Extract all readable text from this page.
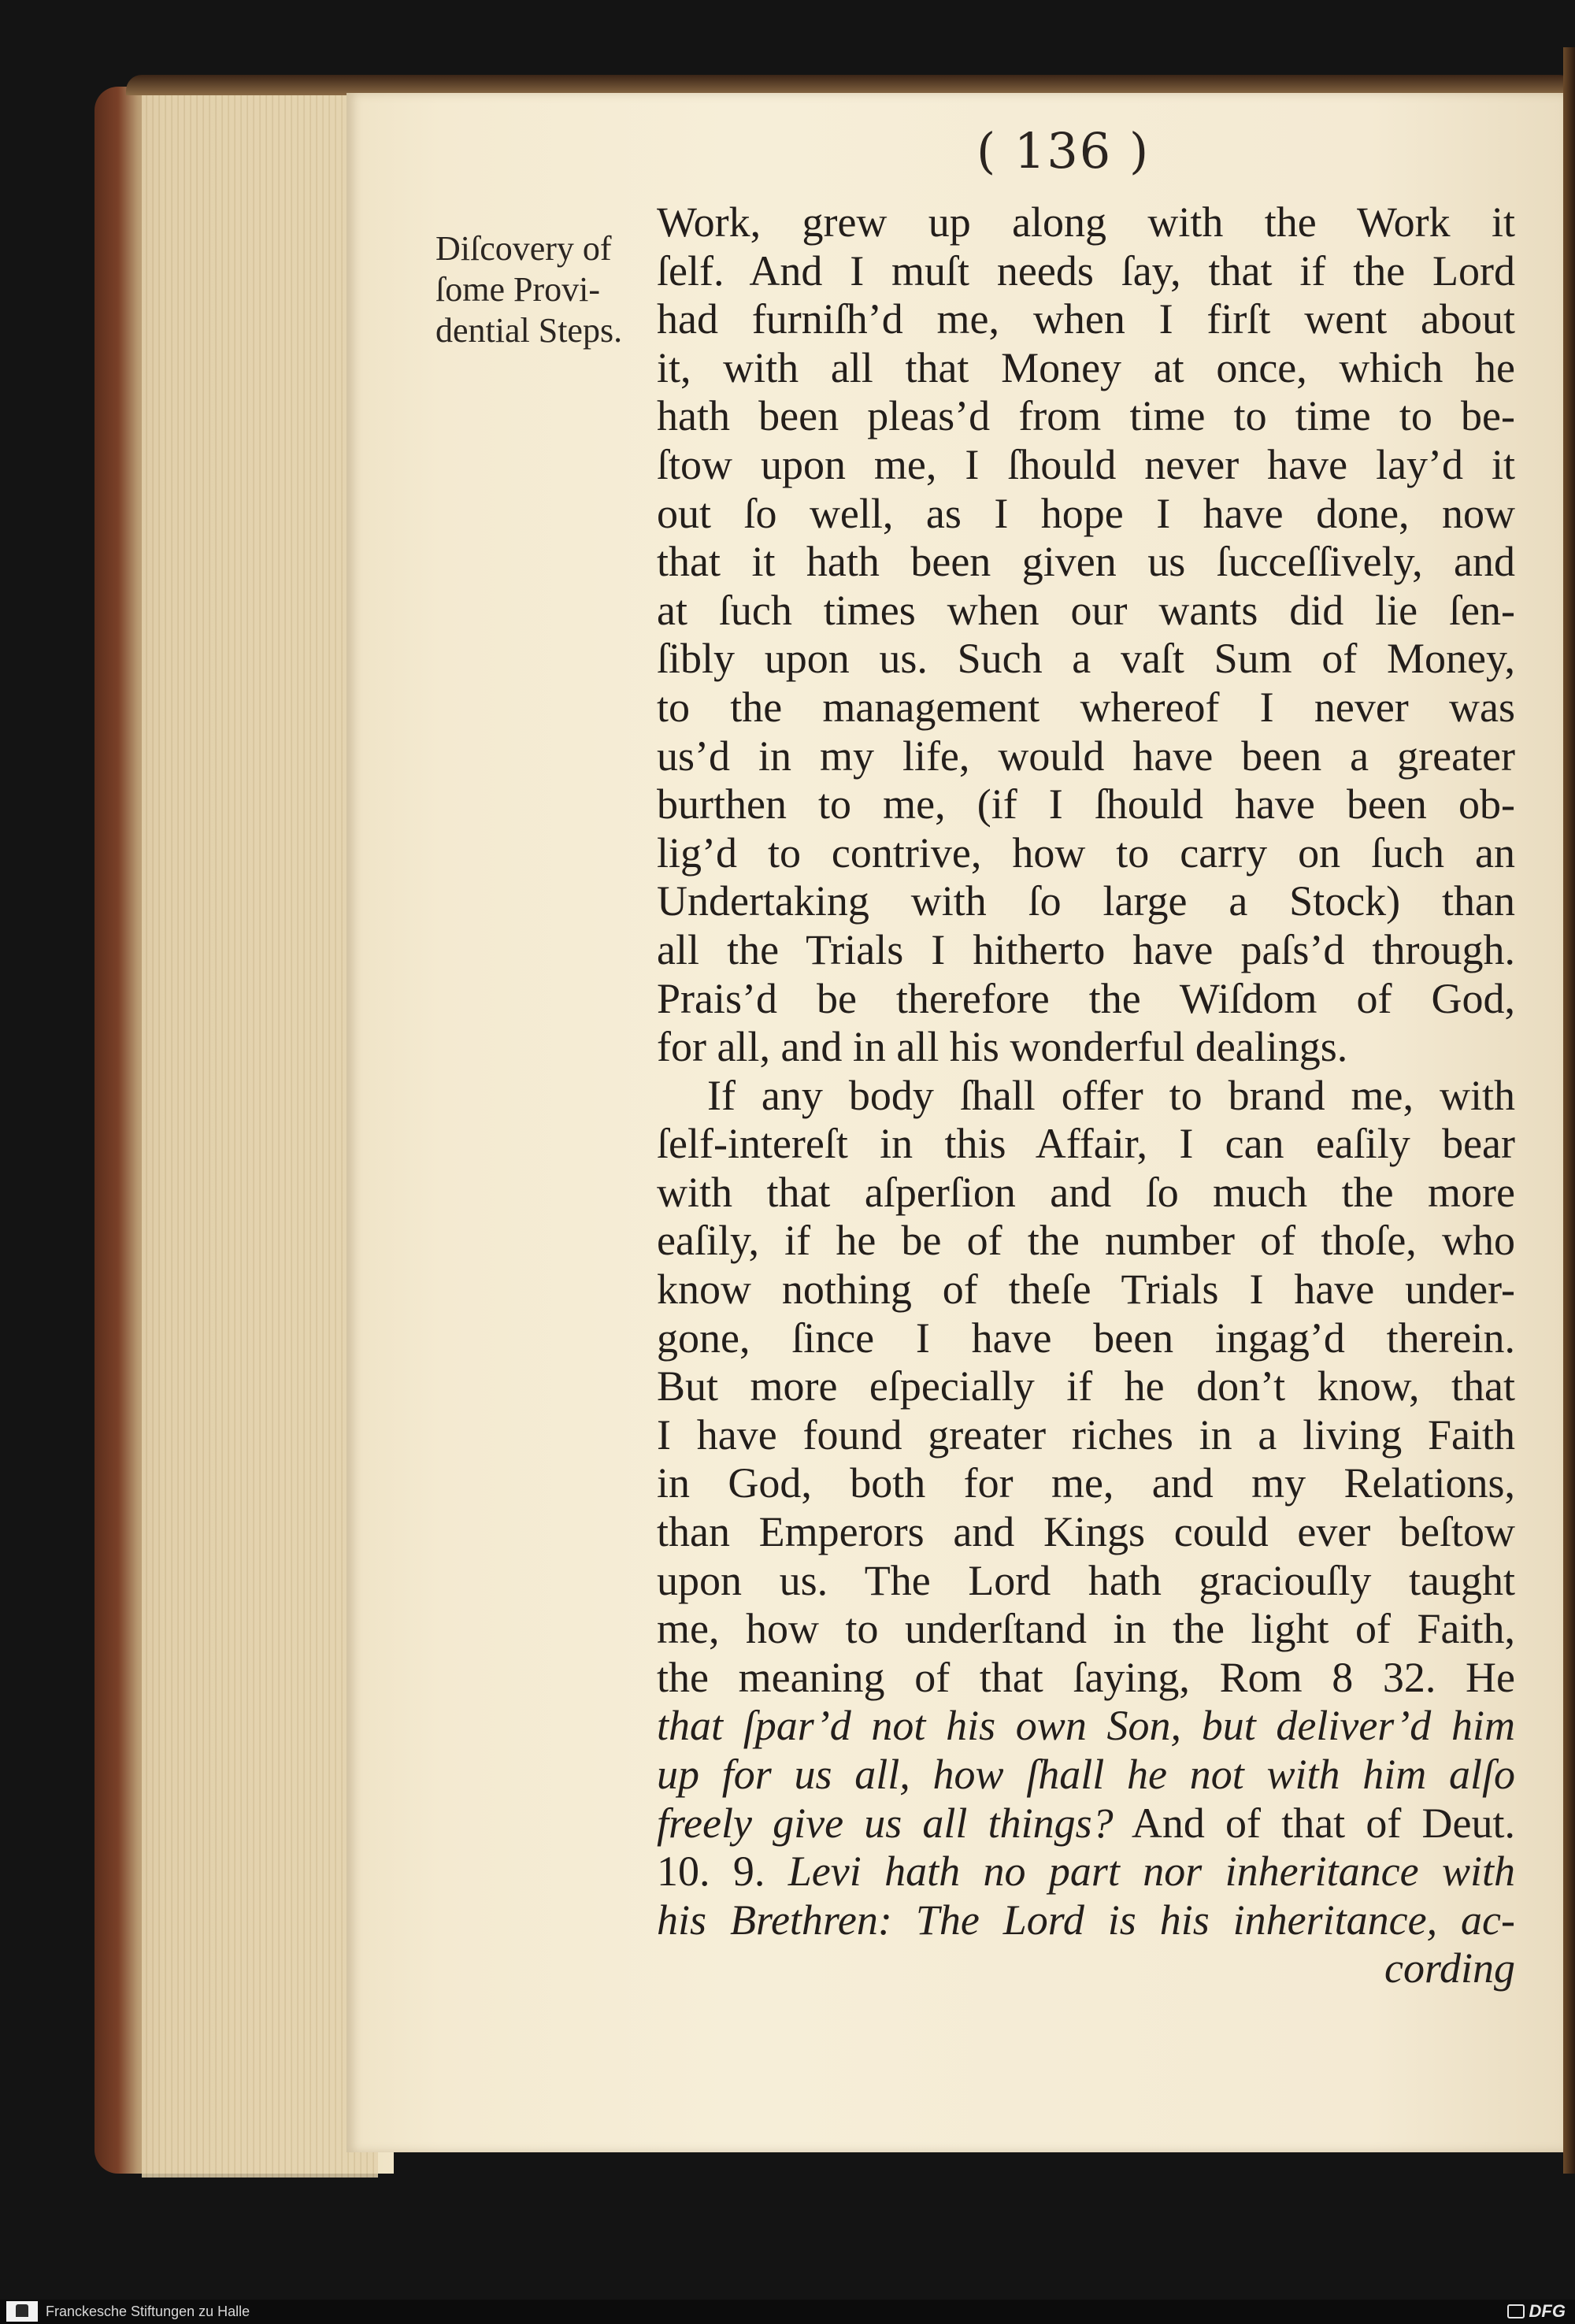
( 136 )
Diſcovery of
ſome Provi-
dential Steps.
Work, grew up along with the Work it
ſelf. And I muſt needs ſay, that if the Lord
had furniſh’d me, when I firſt went about
it, with all that Money at once, which he
hath been pleas’d from time to time to be-
ſtow upon me, I ſhould never have lay’d it
out ſo well, as I hope I have done, now
that it hath been given us ſucceſſively, and
at ſuch times when our wants did lie ſen-
ſibly upon us. Such a vaſt Sum of Money,
to the management whereof I never was
us’d in my life, would have been a greater
burthen to me, (if I ſhould have been ob-
lig’d to contrive, how to carry on ſuch an
Undertaking with ſo large a Stock) than
all the Trials I hitherto have paſs’d through.
Prais’d be therefore the Wiſdom of God,
for all, and in all his wonderful dealings.
If any body ſhall offer to brand me, with
ſelf-intereſt in this Affair, I can eaſily bear
with that aſperſion and ſo much the more
eaſily, if he be of the number of thoſe, who
know nothing of theſe Trials I have under-
gone, ſince I have been ingag’d therein.
But more eſpecially if he don’t know, that
I have found greater riches in a living Faith
in God, both for me, and my Relations,
than Emperors and Kings could ever beſtow
upon us. The Lord hath graciouſly taught
me, how to underſtand in the light of Faith,
the meaning of that ſaying, Rom 8 32. He
that ſpar’d not his own Son, but deliver’d him
up for us all, how ſhall he not with him alſo
freely give us all things? And of that of Deut.
10. 9. Levi hath no part nor inheritance with
his Brethren: The Lord is his inheritance, ac-
cording
Franckesche Stiftungen zu Halle	DFG
